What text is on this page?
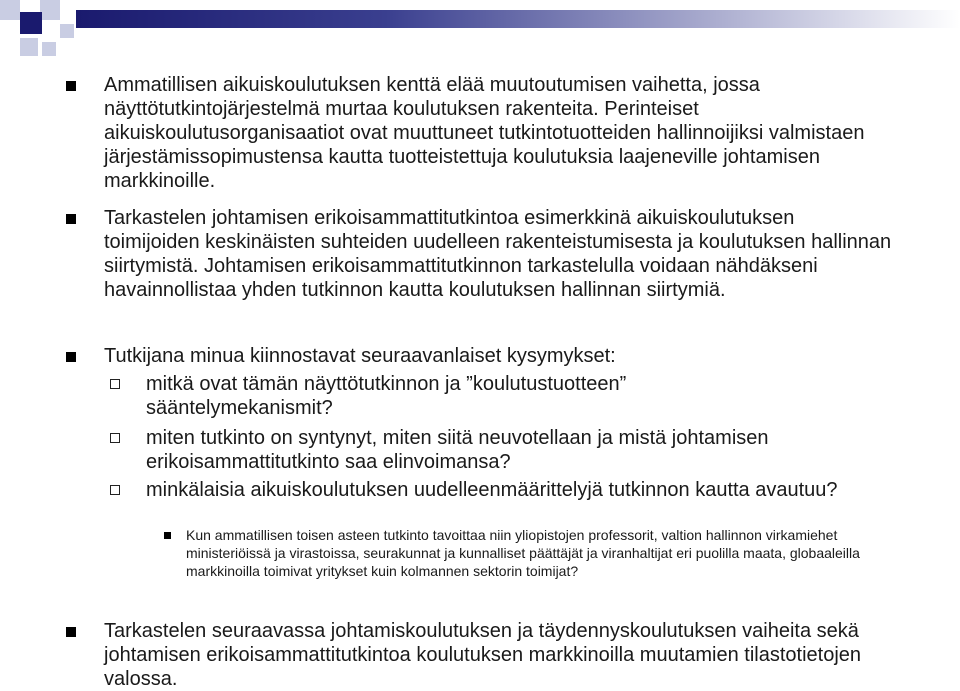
Ammatillisen aikuiskoulutuksen kenttä elää muutoutumisen vaihetta, jossa näyttötutkintojärjestelmä murtaa koulutuksen rakenteita. Perinteiset aikuiskoulutusorganisaatiot ovat muuttuneet tutkintotuotteiden hallinnoijiksi valmistaen järjestämissopimustensa kautta tuotteistettuja koulutuksia laajeneville johtamisen markkinoille.
Tarkastelen johtamisen erikoisammattitutkintoa esimerkkinä aikuiskoulutuksen toimijoiden keskinäisten suhteiden uudelleen rakenteistumisesta ja koulutuksen hallinnan siirtymistä. Johtamisen erikoisammattitutkinnon tarkastelulla voidaan nähdäkseni havainnollistaa yhden tutkinnon kautta koulutuksen hallinnan siirtymiä.
Tutkijana minua kiinnostavat seuraavanlaiset kysymykset:
mitkä ovat tämän näyttötutkinnon ja ”koulutustuotteen” sääntelymekanismit?
miten tutkinto on syntynyt, miten siitä neuvotellaan ja mistä johtamisen erikoisammattitutkinto saa elinvoimansa?
minkälaisia aikuiskoulutuksen uudelleenmäärittelyjä tutkinnon kautta avautuu?
Kun ammatillisen toisen asteen tutkinto tavoittaa niin yliopistojen professorit, valtion hallinnon virkamiehet ministeriöissä ja virastoissa, seurakunnat ja kunnalliset päättäjät ja viranhaltijat eri puolilla maata, globaaleilla markkinoilla toimivat yritykset kuin kolmannen sektorin toimijat?
Tarkastelen seuraavassa johtamiskoulutuksen ja täydennyskoulutuksen vaiheita sekä johtamisen erikoisammattitutkintoa koulutuksen markkinoilla muutamien tilastotietojen valossa.
